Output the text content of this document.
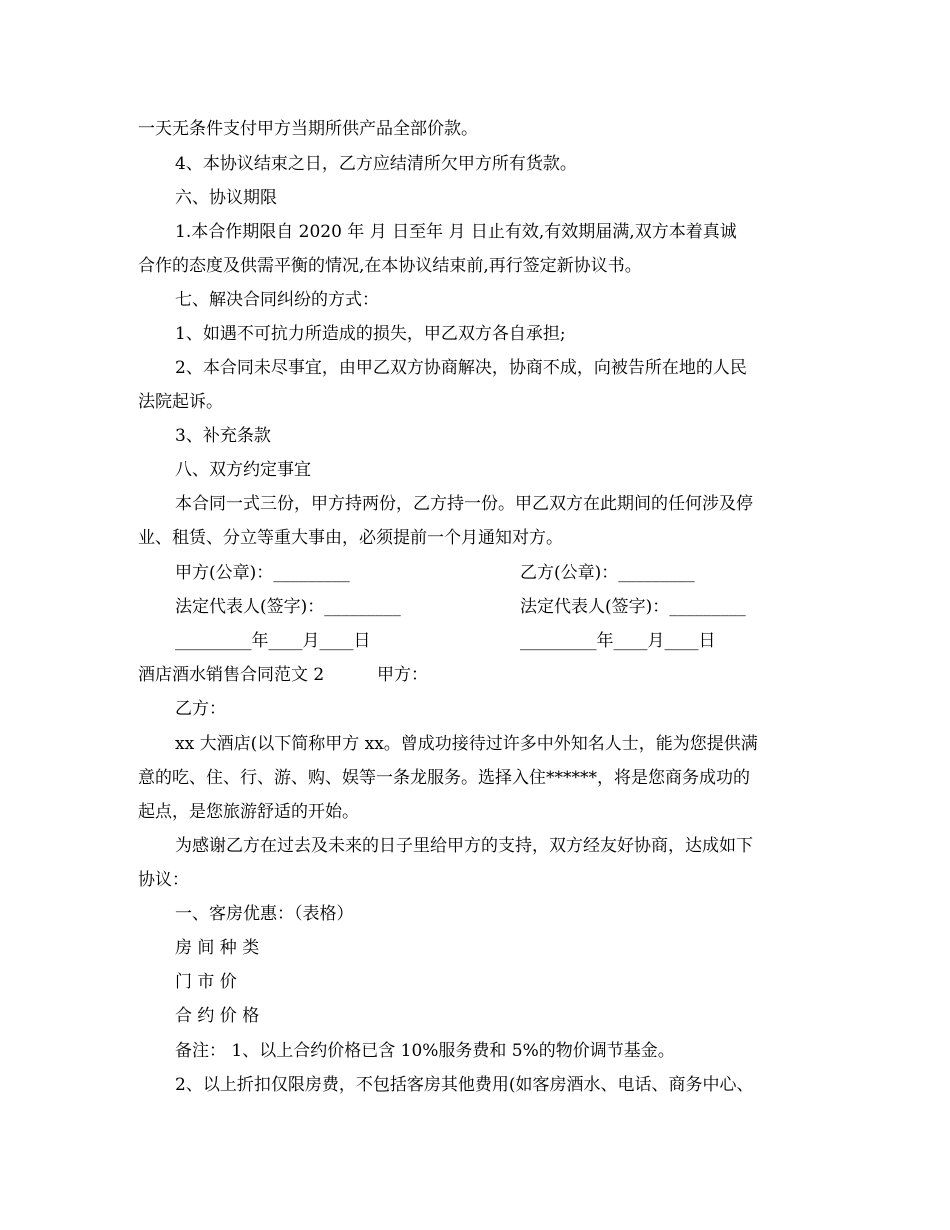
一天无条件支付甲方当期所供产品全部价款。
4、本协议结束之日，乙方应结清所欠甲方所有货款。
六、协议期限
1.本合作期限自 2020 年 月 日至年 月 日止有效,有效期届满,双方本着真诚
合作的态度及供需平衡的情况,在本协议结束前,再行签定新协议书。
七、解决合同纠纷的方式：
1、如遇不可抗力所造成的损失，甲乙双方各自承担;
2、本合同未尽事宜，由甲乙双方协商解决，协商不成，向被告所在地的人民
法院起诉。
3、补充条款
八、双方约定事宜
本合同一式三份，甲方持两份，乙方持一份。甲乙双方在此期间的任何涉及停
业、租赁、分立等重大事由，必须提前一个月通知对方。
甲方(公章)：_________	乙方(公章)：_________
法定代表人(签字)：_________	法定代表人(签字)：_________
_________年____月____日	_________年____月____日
酒店酒水销售合同范文 2	甲方：
乙方：
xx 大酒店(以下简称甲方 xx。曾成功接待过许多中外知名人士，能为您提供满
意的吃、住、行、游、购、娱等一条龙服务。选择入住******，将是您商务成功的
起点，是您旅游舒适的开始。
为感谢乙方在过去及未来的日子里给甲方的支持，双方经友好协商，达成如下
协议：
一、客房优惠：（表格）
房 间 种 类
门 市 价
合 约 价 格
备注： 1、以上合约价格已含 10%服务费和 5%的物价调节基金。
2、以上折扣仅限房费，不包括客房其他费用(如客房酒水、电话、商务中心、
